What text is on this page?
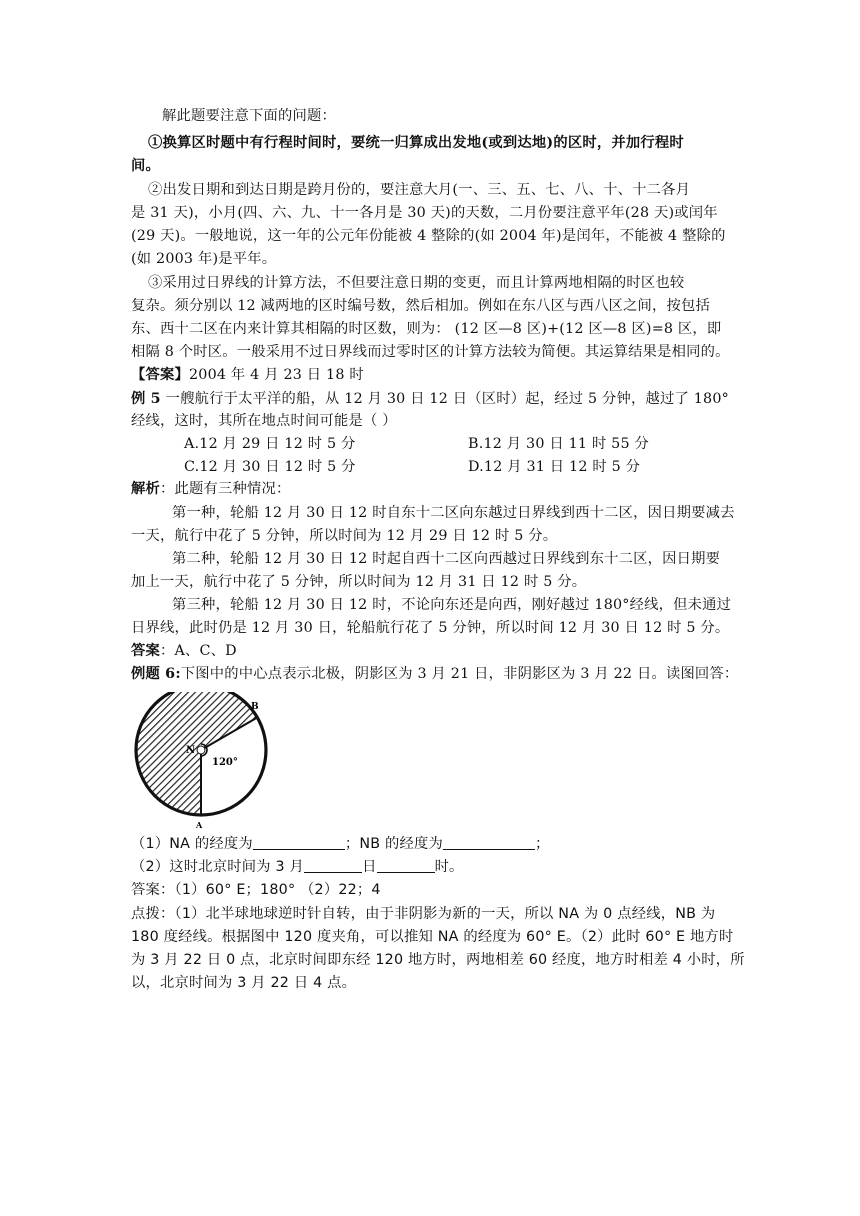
解此题要注意下面的问题：
①换算区时题中有行程时间时，要统一归算成出发地(或到达地)的区时，并加行程时
间。
②出发日期和到达日期是跨月份的，要注意大月(一、三、五、七、八、十、十二各月
是 31 天)，小月(四、六、九、十一各月是 30 天)的天数，二月份要注意平年(28 天)或闰年
(29 天)。一般地说，这一年的公元年份能被 4 整除的(如 2004 年)是闰年，不能被 4 整除的
(如 2003 年)是平年。
③采用过日界线的计算方法，不但要注意日期的变更，而且计算两地相隔的时区也较
复杂。须分别以 12 减两地的区时编号数，然后相加。例如在东八区与西八区之间，按包括
东、西十二区在内来计算其相隔的时区数，则为： (12 区—8 区)+(12 区—8 区)=8 区，即
相隔 8 个时区。一般采用不过日界线而过零时区的计算方法较为简便。其运算结果是相同的。
【答案】2004 年 4 月 23 日 18 时
例 5 一艘航行于太平洋的船，从 12 月 30 日 12 日（区时）起，经过 5 分钟，越过了 180°
经线，这时，其所在地点时间可能是（ ）
A.12 月 29 日 12 时 5 分	B.12 月 30 日 11 时 55 分
C.12 月 30 日 12 时 5 分	D.12 月 31 日 12 时 5 分
解析：此题有三种情况：
第一种，轮船 12 月 30 日 12 时自东十二区向东越过日界线到西十二区，因日期要减去
一天，航行中花了 5 分钟，所以时间为 12 月 29 日 12 时 5 分。
第二种，轮船 12 月 30 日 12 时起自西十二区向西越过日界线到东十二区，因日期要
加上一天，航行中花了 5 分钟，所以时间为 12 月 31 日 12 时 5 分。
第三种，轮船 12 月 30 日 12 时，不论向东还是向西，刚好越过 180°经线，但未通过
日界线，此时仍是 12 月 30 日，轮船航行花了 5 分钟，所以时间 12 月 30 日 12 时 5 分。
答案：A、C、D
例题 6:下图中的中心点表示北极，阴影区为 3 月 21 日，非阴影区为 3 月 22 日。读图回答：
N
120°
B
A
（1）NA 的经度为	；NB 的经度为	；
（2）这时北京时间为 3 月	日	时。
答案：（1）60° E；180° （2）22；4
点拨：（1）北半球地球逆时针自转，由于非阴影为新的一天，所以 NA 为 0 点经线，NB 为
180 度经线。根据图中 120 度夹角，可以推知 NA 的经度为 60° E。（2）此时 60° E 地方时
为 3 月 22 日 0 点，北京时间即东经 120 地方时，两地相差 60 经度，地方时相差 4 小时，所
以，北京时间为 3 月 22 日 4 点。
